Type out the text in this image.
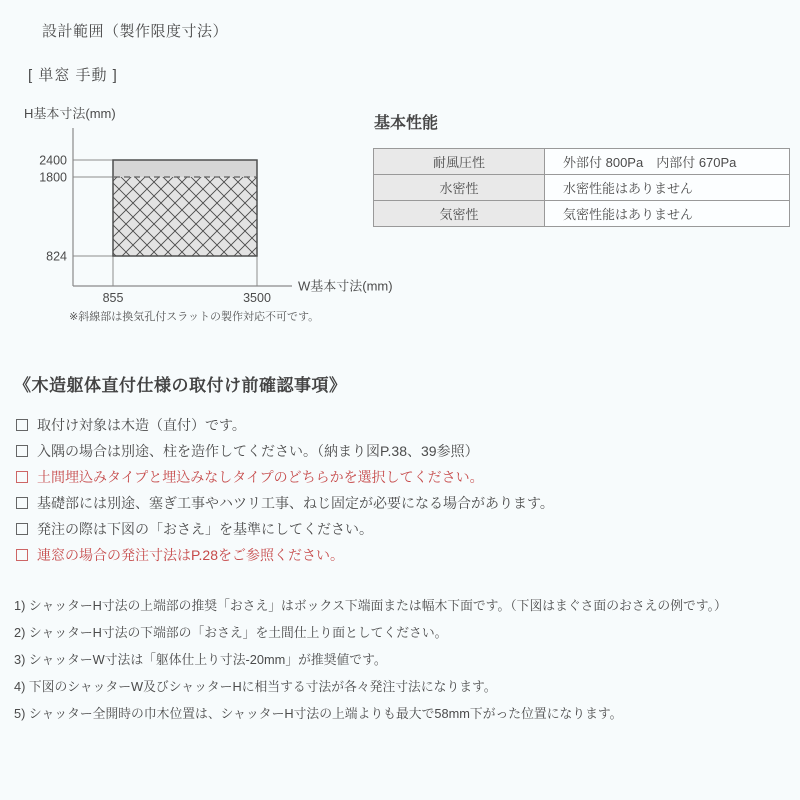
設計範囲（製作限度寸法）
[ 単窓 手動 ]
H基本寸法(mm)
2400
1800
824
855	3500
W基本寸法(mm)
※斜線部は換気孔付スラットの製作対応不可です。
基本性能
耐風圧性	外部付 800Pa　内部付 670Pa
水密性	水密性能はありません
気密性	気密性能はありません
《木造躯体直付仕様の取付け前確認事項》
取付け対象は木造（直付）です。
入隅の場合は別途、柱を造作してください。（納まり図P.38、39参照）
土間埋込みタイプと埋込みなしタイプのどちらかを選択してください。
基礎部には別途、塞ぎ工事やハツリ工事、ねじ固定が必要になる場合があります。
発注の際は下図の「おさえ」を基準にしてください。
連窓の場合の発注寸法はP.28をご参照ください。
1) シャッターH寸法の上端部の推奨「おさえ」はボックス下端面または幅木下面です。（下図はまぐさ面のおさえの例です。）
2) シャッターH寸法の下端部の「おさえ」を土間仕上り面としてください。
3) シャッターW寸法は「躯体仕上り寸法-20mm」が推奨値です。
4) 下図のシャッターW及びシャッターHに相当する寸法が各々発注寸法になります。
5) シャッター全開時の巾木位置は、シャッターH寸法の上端よりも最大で58mm下がった位置になります。
